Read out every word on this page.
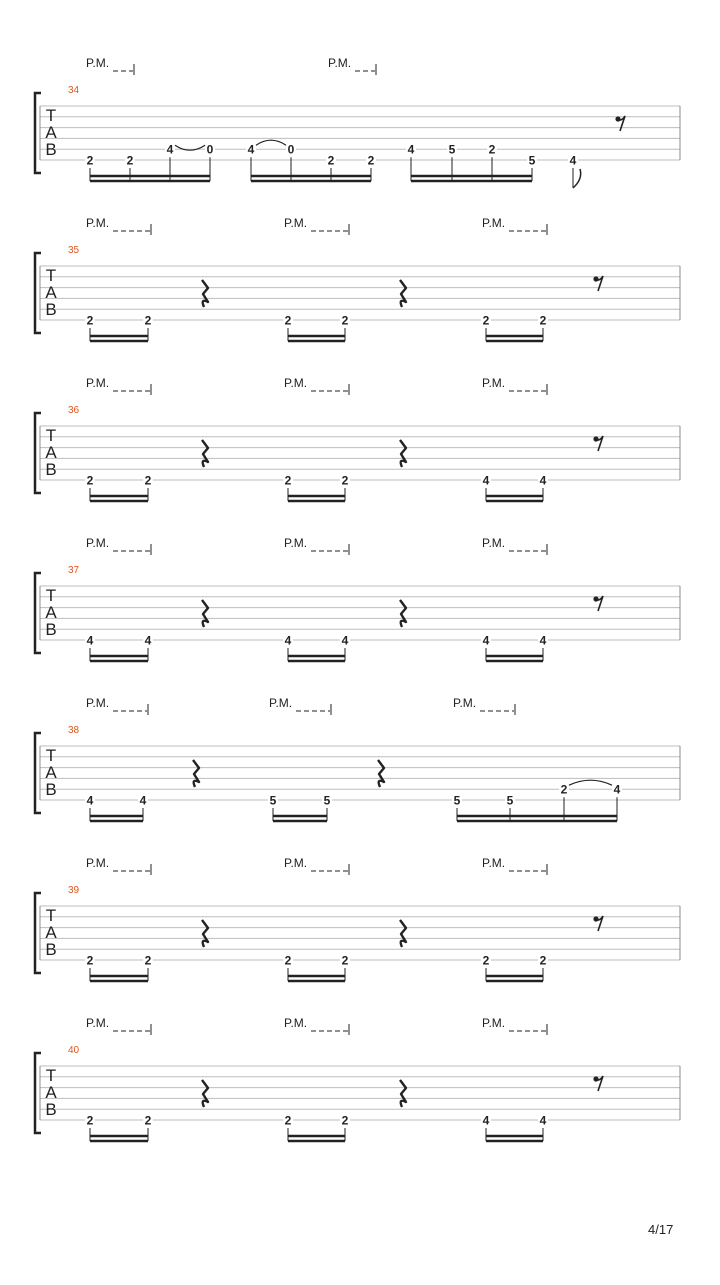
T
A
B
34
P.M.	P.M.
2	2
4	0	4	0
2	2
4	5	2
5	4
T
A
B
35
P.M.	P.M.	P.M.
2	2	2	2	2	2
T
A
B
36
P.M.	P.M.	P.M.
2	2	2	2	4	4
T
A
B
37
P.M.	P.M.	P.M.
4	4	4	4	4	4
T
A
B
38
P.M.	P.M.	P.M.
4	4	5	5	5	5
2	4
T
A
B
39
P.M.	P.M.	P.M.
2	2	2	2	2	2
T
A
B
40
P.M.	P.M.	P.M.
2	2	2	2	4	4
4/17
